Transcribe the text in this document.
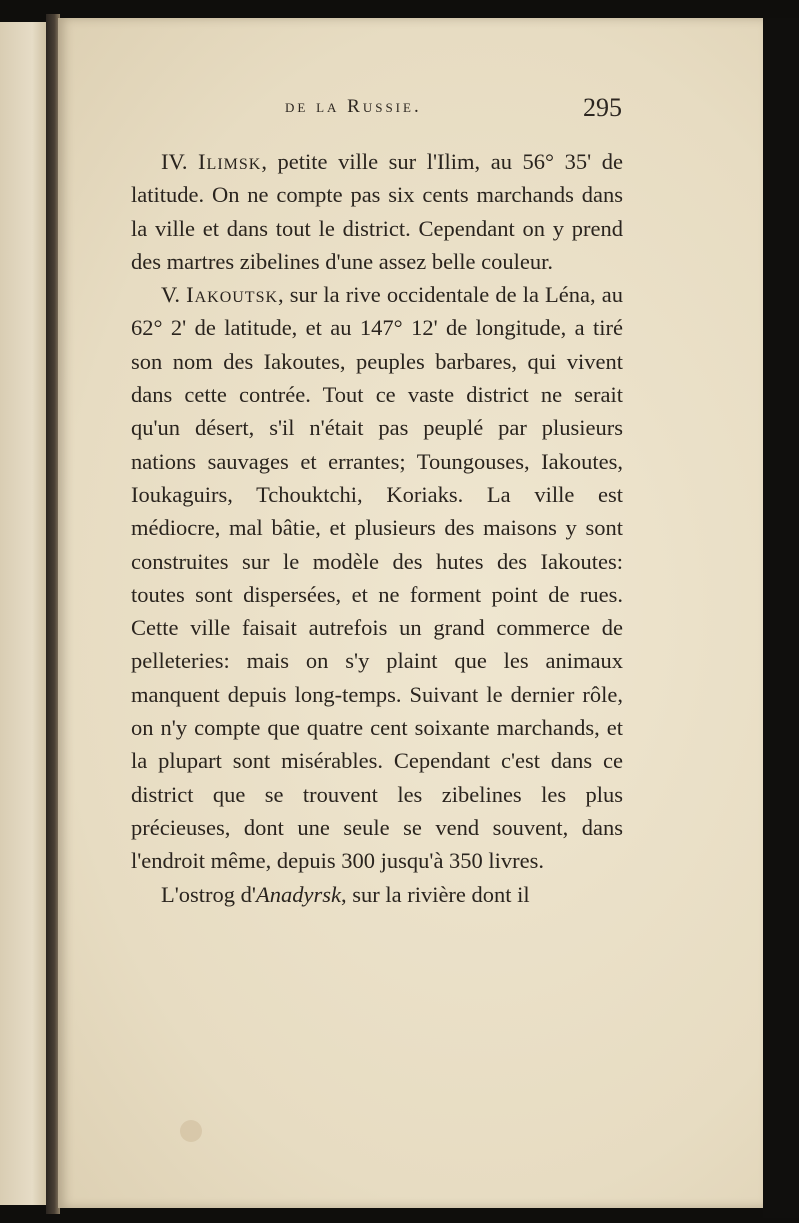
de la Russie.	295

IV. Ilimsk, petite ville sur l'Ilim, au 56° 35' de latitude. On ne compte pas six cents marchands dans la ville et dans tout le district. Cependant on y prend des martres zibelines d'une assez belle couleur.

V. Iakoutsk, sur la rive occidentale de la Léna, au 62° 2' de latitude, et au 147° 12' de longitude, a tiré son nom des Iakoutes, peuples barbares, qui vivent dans cette contrée. Tout ce vaste district ne serait qu'un désert, s'il n'était pas peuplé par plusieurs nations sauvages et errantes; Toungouses, Iakoutes, Ioukaguirs, Tchouktchi, Koriaks. La ville est médiocre, mal bâtie, et plusieurs des maisons y sont construites sur le modèle des hutes des Iakoutes: toutes sont dispersées, et ne forment point de rues. Cette ville faisait autrefois un grand commerce de pelleteries: mais on s'y plaint que les animaux manquent depuis long-temps. Suivant le dernier rôle, on n'y compte que quatre cent soixante marchands, et la plupart sont misérables. Cependant c'est dans ce district que se trouvent les zibelines les plus précieuses, dont une seule se vend souvent, dans l'endroit même, depuis 300 jusqu'à 350 livres.

L'ostrog d'Anadyrsk, sur la rivière dont il
